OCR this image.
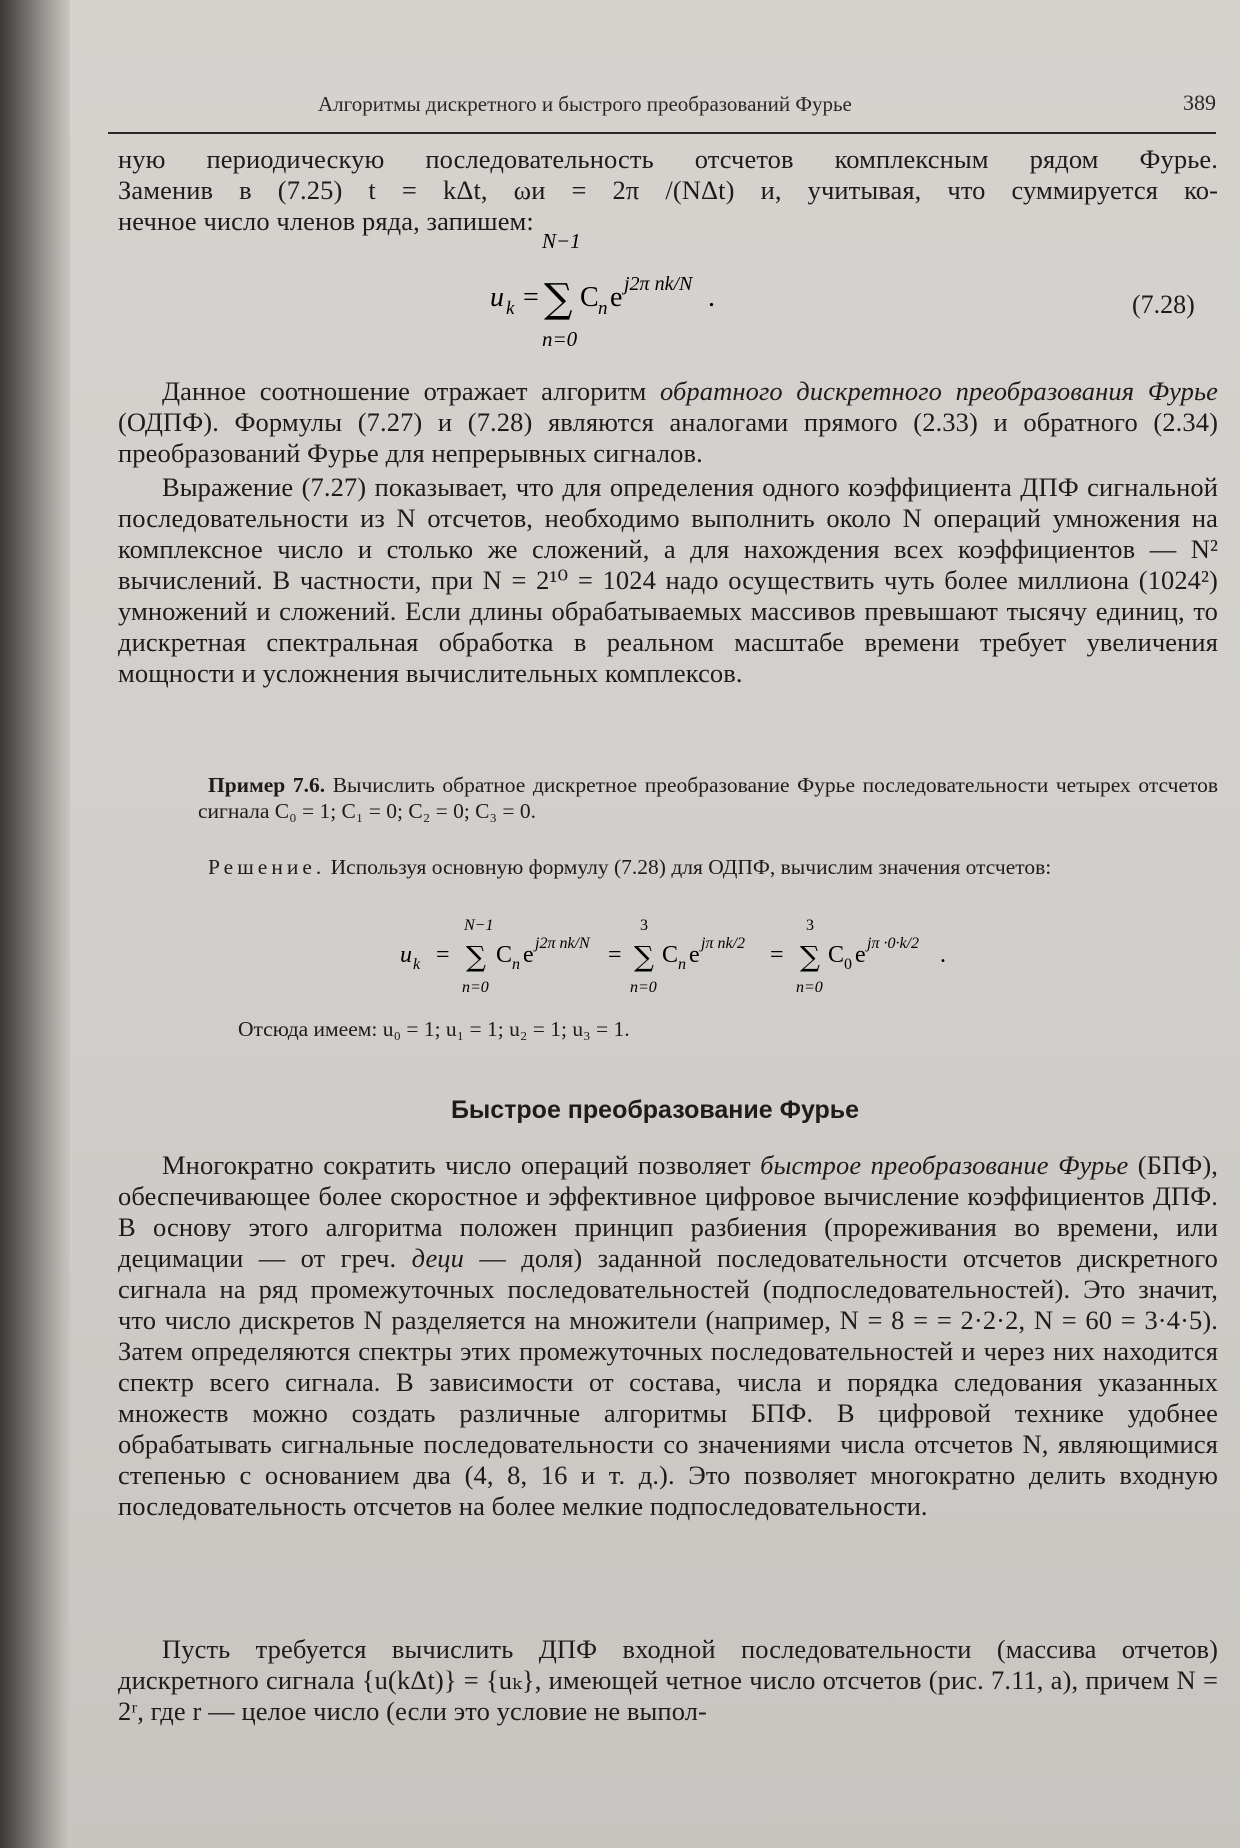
Алгоритмы дискретного и быстрого преобразований Фурье	389

ную периодическую последовательность отсчетов комплексным рядом Фурье.

Заменив в (7.25) t = kΔt, ωи = 2π /(NΔt) и, учитывая, что суммируется ко-

нечное число членов ряда, запишем:

N−1
u k = ∑ C n e j2π nk/N .
n=0
(7.28)

Данное соотношение отражает алгоритм обратного дискретного преобразования Фурье (ОДПФ). Формулы (7.27) и (7.28) являются аналогами прямого (2.33) и обратного (2.34) преобразований Фурье для непрерывных сигналов.

Выражение (7.27) показывает, что для определения одного коэффициента ДПФ сигнальной последовательности из N отсчетов, необходимо выполнить около N операций умножения на комплексное число и столько же сложений, а для нахождения всех коэффициентов — N² вычислений. В частности, при N = 2¹⁰ = 1024 надо осуществить чуть более миллиона (1024²) умножений и сложений. Если длины обрабатываемых массивов превышают тысячу единиц, то дискретная спектральная обработка в реальном масштабе времени требует увеличения мощности и усложнения вычислительных комплексов.

Пример 7.6. Вычислить обратное дискретное преобразование Фурье последовательности четырех отсчетов сигнала C₀ = 1; C₁ = 0; C₂ = 0; C₃ = 0.

Решение. Используя основную формулу (7.28) для ОДПФ, вычислим значения отсчетов:

u k =
N−1
∑
n=0
C n e j2π nk/N =
3
∑
n=0
C n e jπ nk/2 =
3
∑
n=0
C 0 e jπ ·0·k/2 .

Отсюда имеем: u₀ = 1; u₁ = 1; u₂ = 1; u₃ = 1.

Быстрое преобразование Фурье

Многократно сократить число операций позволяет быстрое преобразование Фурье (БПФ), обеспечивающее более скоростное и эффективное цифровое вычисление коэффициентов ДПФ. В основу этого алгоритма положен принцип разбиения (прореживания во времени, или децимации — от греч. деци — доля) заданной последовательности отсчетов дискретного сигнала на ряд промежуточных последовательностей (подпоследовательностей). Это значит, что число дискретов N разделяется на множители (например, N = 8 = = 2·2·2, N = 60 = 3·4·5). Затем определяются спектры этих промежуточных последовательностей и через них находится спектр всего сигнала. В зависимости от состава, числа и порядка следования указанных множеств можно создать различные алгоритмы БПФ. В цифровой технике удобнее обрабатывать сигнальные последовательности со значениями числа отсчетов N, являющимися степенью с основанием два (4, 8, 16 и т. д.). Это позволяет многократно делить входную последовательность отсчетов на более мелкие подпоследовательности.

Пусть требуется вычислить ДПФ входной последовательности (массива отчетов) дискретного сигнала {u(kΔt)} = {uₖ}, имеющей четное число отсчетов (рис. 7.11, а), причем N = 2ʳ, где r — целое число (если это условие не выпол-
